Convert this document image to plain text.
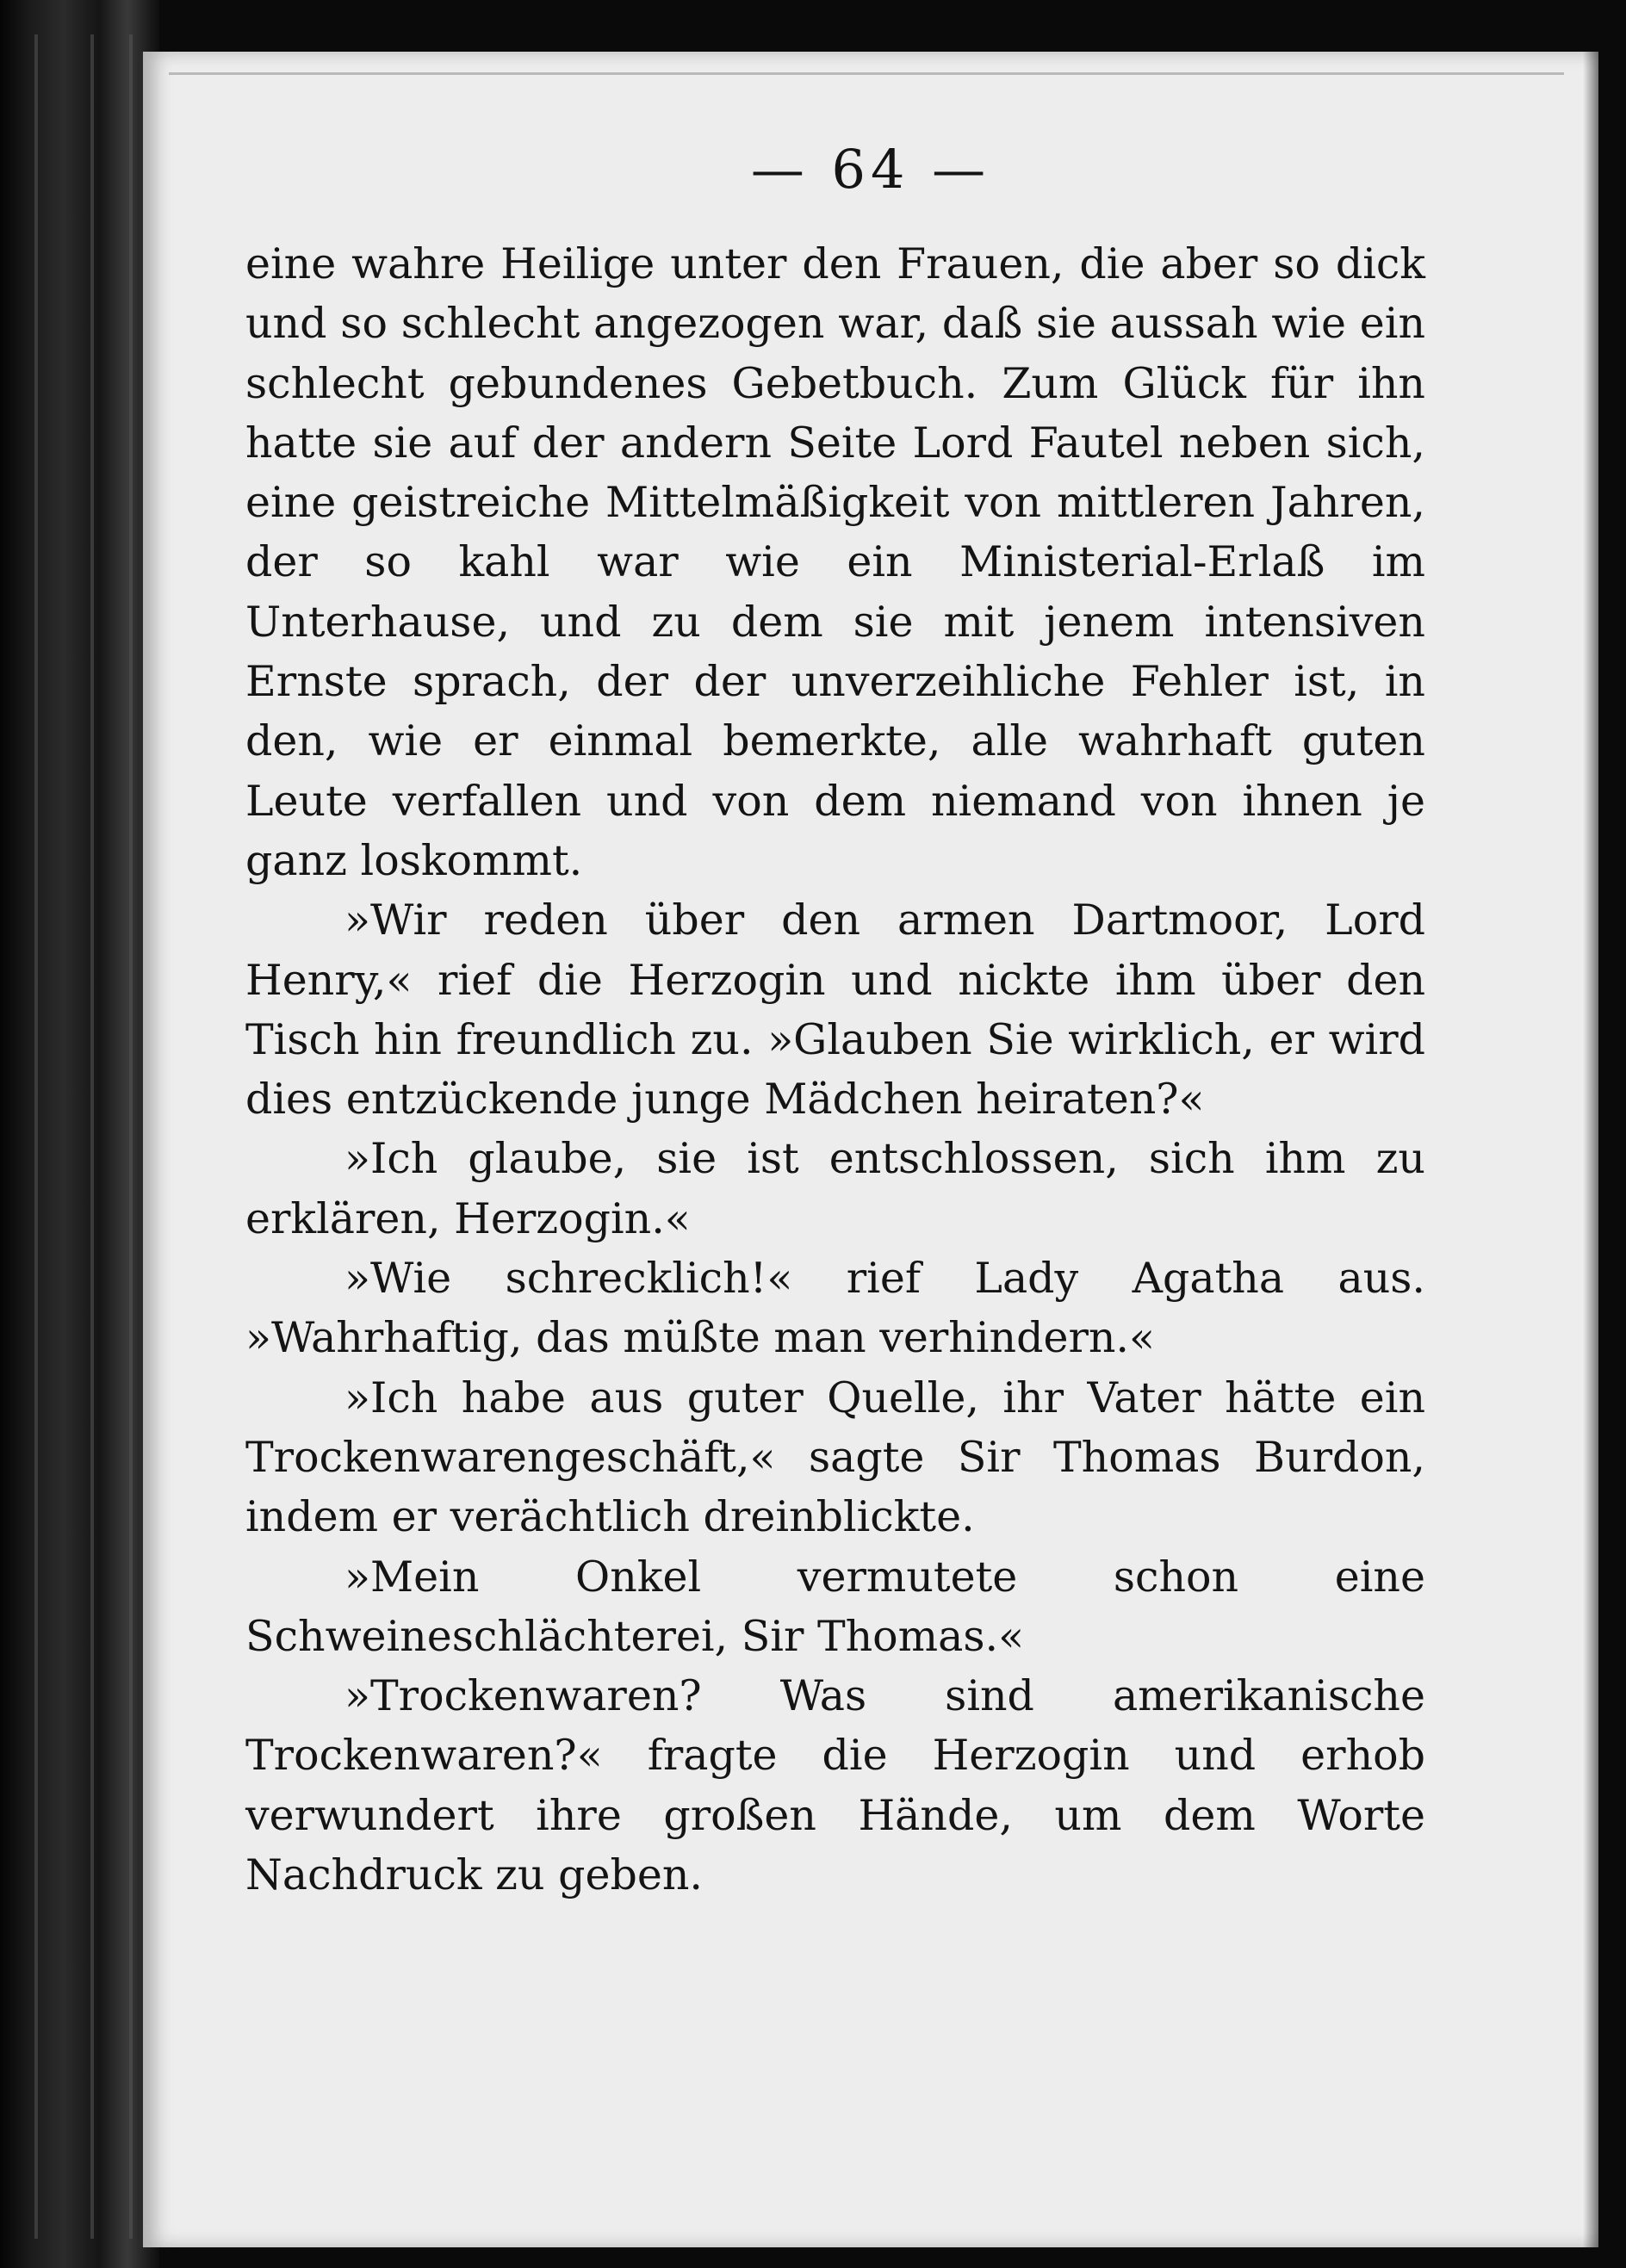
— 64 —

eine wahre Heilige unter den Frauen, die aber so dick und so schlecht angezogen war, daß sie aussah wie ein schlecht gebundenes Gebetbuch. Zum Glück für ihn hatte sie auf der andern Seite Lord Fautel neben sich, eine geistreiche Mittelmäßigkeit von mittleren Jahren, der so kahl war wie ein Ministerial-Erlaß im Unterhause, und zu dem sie mit jenem intensiven Ernste sprach, der der unverzeihliche Fehler ist, in den, wie er einmal bemerkte, alle wahrhaft guten Leute verfallen und von dem niemand von ihnen je ganz loskommt.

»Wir reden über den armen Dartmoor, Lord Henry,« rief die Herzogin und nickte ihm über den Tisch hin freundlich zu. »Glauben Sie wirklich, er wird dies entzückende junge Mädchen heiraten?«

»Ich glaube, sie ist entschlossen, sich ihm zu erklären, Herzogin.«

»Wie schrecklich!« rief Lady Agatha aus. »Wahrhaftig, das müßte man verhindern.«

»Ich habe aus guter Quelle, ihr Vater hätte ein Trockenwarengeschäft,« sagte Sir Thomas Burdon, indem er verächtlich dreinblickte.

»Mein Onkel vermutete schon eine Schweineschlächterei, Sir Thomas.«

»Trockenwaren? Was sind amerikanische Trockenwaren?« fragte die Herzogin und erhob verwundert ihre großen Hände, um dem Worte Nachdruck zu geben.
